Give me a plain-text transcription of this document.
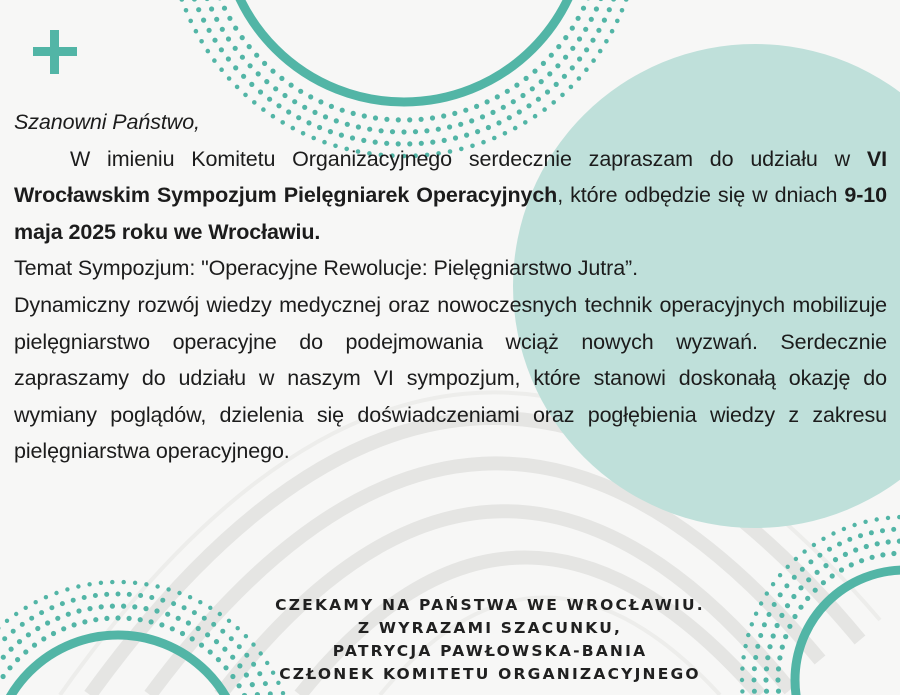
Szanowni Państwo,

W imieniu Komitetu Organizacyjnego serdecznie zapraszam do udziału w VI Wrocławskim Sympozjum Pielęgniarek Operacyjnych, które odbędzie się w dniach 9-10 maja 2025 roku we Wrocławiu.

Temat Sympozjum: "Operacyjne Rewolucje: Pielęgniarstwo Jutra”.

Dynamiczny rozwój wiedzy medycznej oraz nowoczesnych technik operacyjnych mobilizuje pielęgniarstwo operacyjne do podejmowania wciąż nowych wyzwań. Serdecznie zapraszamy do udziału w naszym VI sympozjum, które stanowi doskonałą okazję do wymiany poglądów, dzielenia się doświadczeniami oraz pogłębienia wiedzy z zakresu pielęgniarstwa operacyjnego.

CZEKAMY NA PAŃSTWA WE WROCŁAWIU.
Z WYRAZAMI SZACUNKU,
PATRYCJA PAWŁOWSKA-BANIA
CZŁONEK KOMITETU ORGANIZACYJNEGO
